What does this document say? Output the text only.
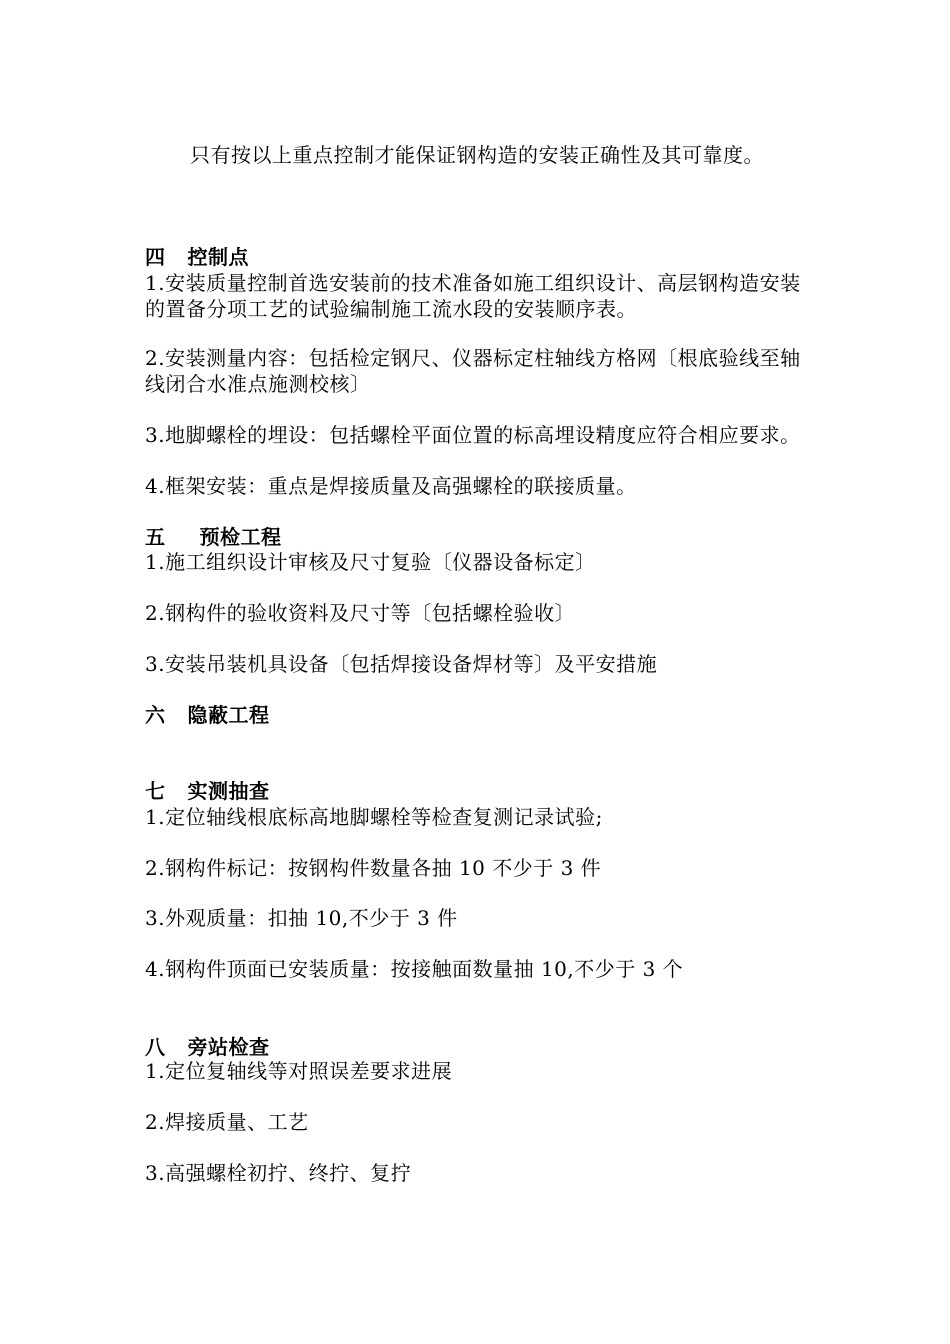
只有按以上重点控制才能保证钢构造的安装正确性及其可靠度。
四 控制点
1.安装质量控制首选安装前的技术准备如施工组织设计、高层钢构造安装
的置备分项工艺的试验编制施工流水段的安装顺序表。
2.安装测量内容：包括检定钢尺、仪器标定柱轴线方格网〔根底验线至轴
线闭合水准点施测校核〕
3.地脚螺栓的埋设：包括螺栓平面位置的标高埋设精度应符合相应要求。
4.框架安装：重点是焊接质量及高强螺栓的联接质量。
五 预检工程
1.施工组织设计审核及尺寸复验〔仪器设备标定〕
2.钢构件的验收资料及尺寸等〔包括螺栓验收〕
3.安装吊装机具设备〔包括焊接设备焊材等〕及平安措施
六 隐蔽工程
七 实测抽查
1.定位轴线根底标高地脚螺栓等检查复测记录试验;
2.钢构件标记：按钢构件数量各抽 10 不少于 3 件
3.外观质量：扣抽 10,不少于 3 件
4.钢构件顶面已安装质量：按接触面数量抽 10,不少于 3 个
八 旁站检查
1.定位复轴线等对照误差要求进展
2.焊接质量、工艺
3.高强螺栓初拧、终拧、复拧
